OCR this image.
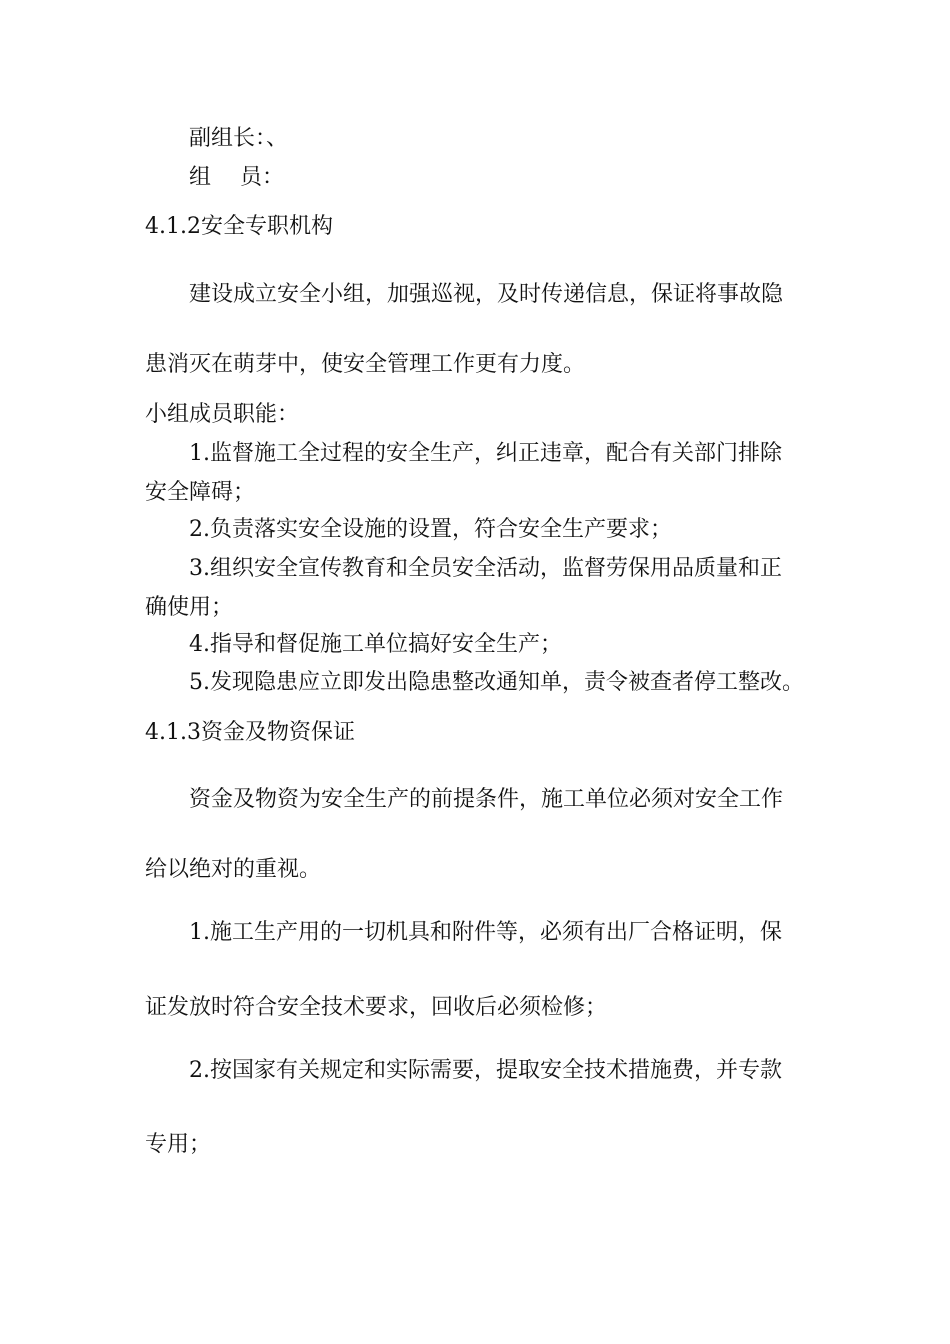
副组长：、
组　 员：
4.1.2安全专职机构
建设成立安全小组，加强巡视，及时传递信息，保证将事故隐
患消灭在萌芽中，使安全管理工作更有力度。
小组成员职能：
1.监督施工全过程的安全生产，纠正违章，配合有关部门排除
安全障碍；
2.负责落实安全设施的设置，符合安全生产要求；
3.组织安全宣传教育和全员安全活动，监督劳保用品质量和正
确使用；
4.指导和督促施工单位搞好安全生产；
5.发现隐患应立即发出隐患整改通知单，责令被查者停工整改。
4.1.3资金及物资保证
资金及物资为安全生产的前提条件，施工单位必须对安全工作
给以绝对的重视。
1.施工生产用的一切机具和附件等，必须有出厂合格证明，保
证发放时符合安全技术要求，回收后必须检修；
2.按国家有关规定和实际需要，提取安全技术措施费，并专款
专用；
